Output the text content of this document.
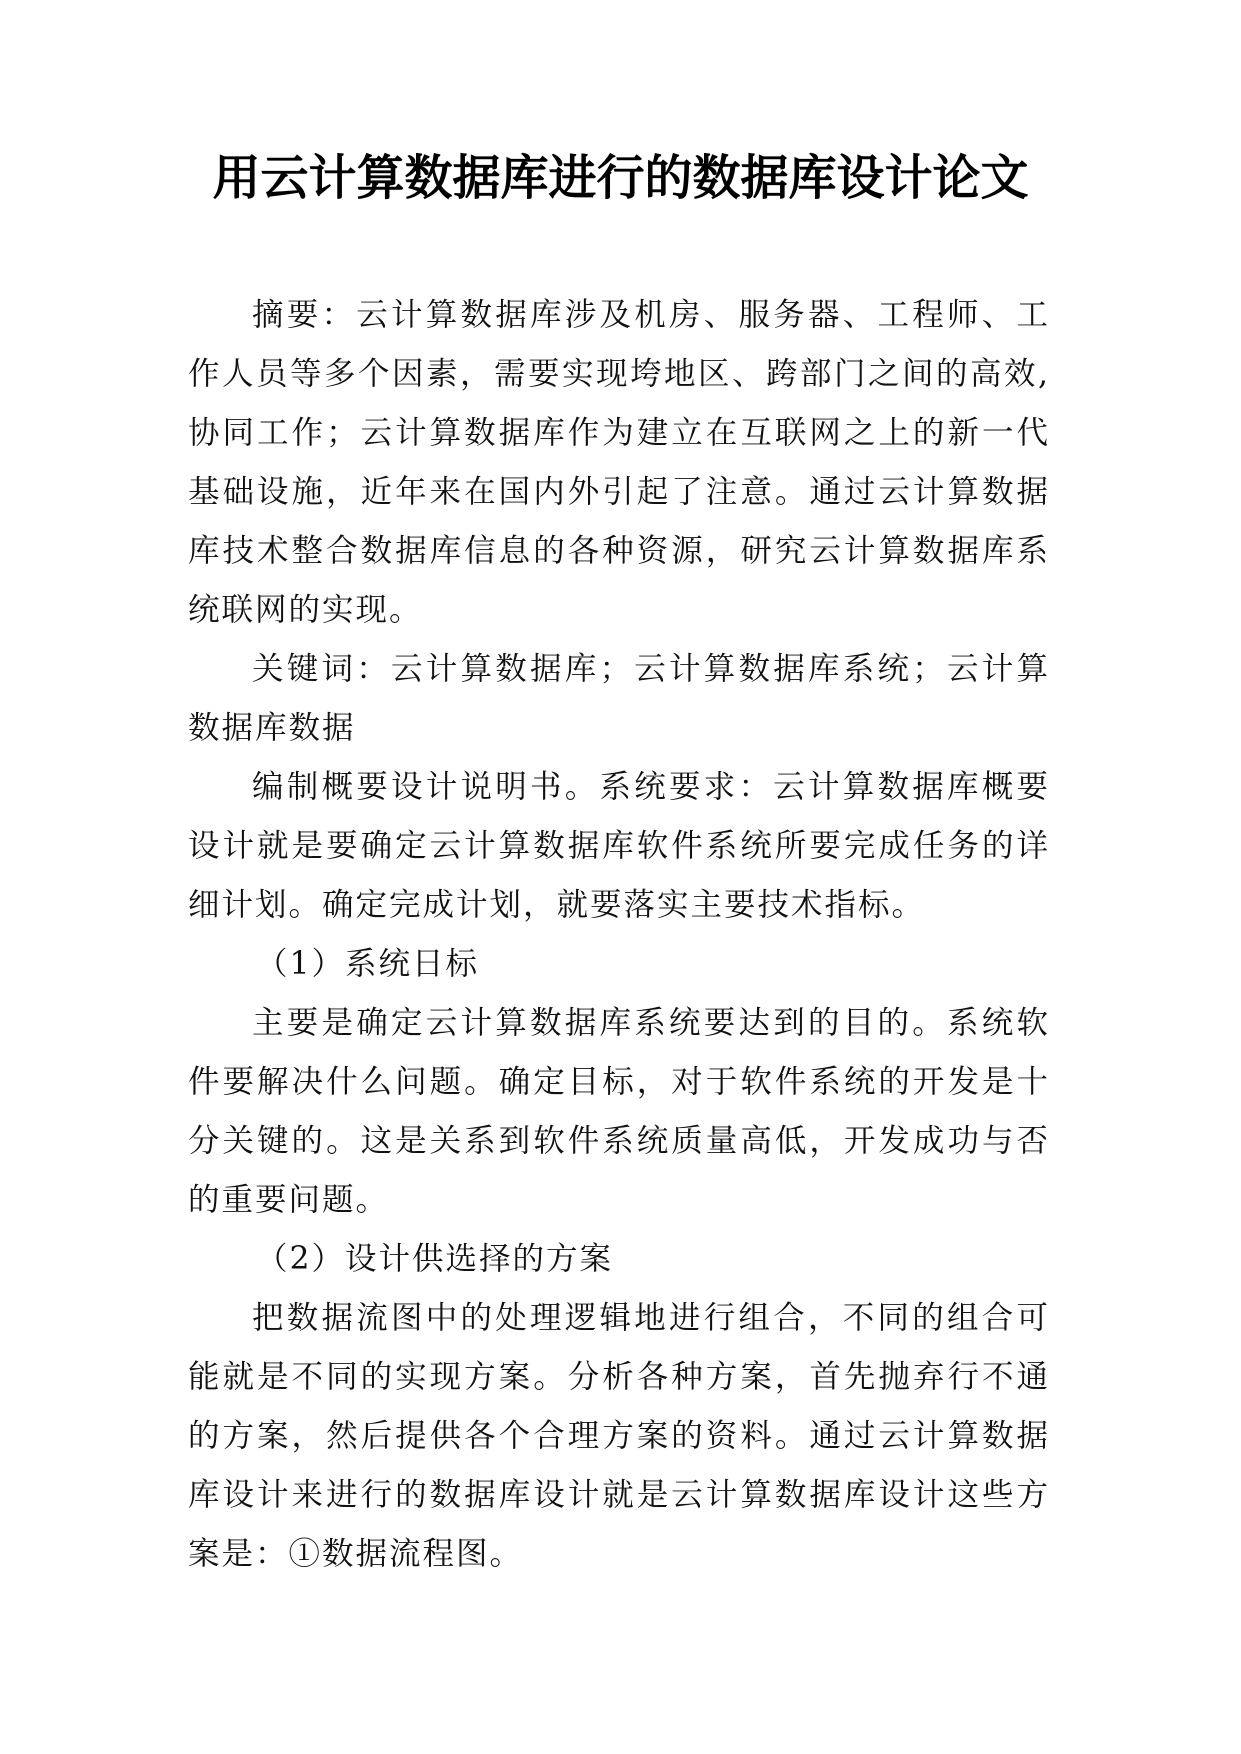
用云计算数据库进行的数据库设计论文

摘要：云计算数据库涉及机房、服务器、工程师、工作人员等多个因素，需要实现垮地区、跨部门之间的高效,协同工作；云计算数据库作为建立在互联网之上的新一代基础设施，近年来在国内外引起了注意。通过云计算数据库技术整合数据库信息的各种资源，研究云计算数据库系统联网的实现。

关键词：云计算数据库；云计算数据库系统；云计算数据库数据

编制概要设计说明书。系统要求：云计算数据库概要设计就是要确定云计算数据库软件系统所要完成任务的详细计划。确定完成计划，就要落实主要技术指标。

（1）系统日标

主要是确定云计算数据库系统要达到的目的。系统软件要解决什么问题。确定目标，对于软件系统的开发是十分关键的。这是关系到软件系统质量高低，开发成功与否的重要问题。

（2）设计供选择的方案

把数据流图中的处理逻辑地进行组合，不同的组合可能就是不同的实现方案。分析各种方案，首先抛弃行不通的方案，然后提供各个合理方案的资料。通过云计算数据库设计来进行的数据库设计就是云计算数据库设计这些方案是：①数据流程图。
